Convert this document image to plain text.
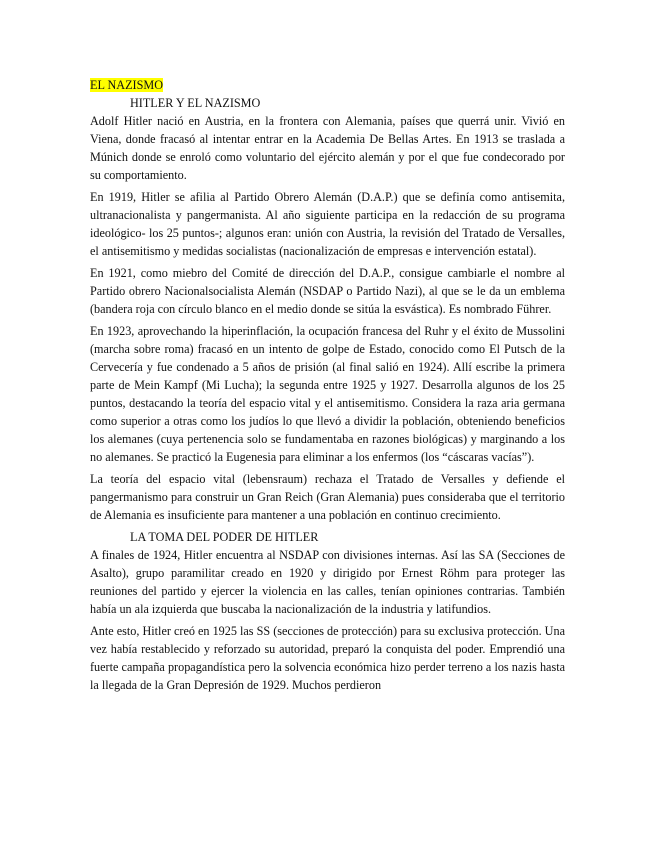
EL NAZISMO
HITLER Y EL NAZISMO

Adolf Hitler nació en Austria, en la frontera con Alemania, países que querrá unir. Vivió en Viena, donde fracasó al intentar entrar en la Academia De Bellas Artes. En 1913 se traslada a Múnich donde se enroló como voluntario del ejército alemán y por el que fue condecorado por su comportamiento.

En 1919, Hitler se afilia al Partido Obrero Alemán (D.A.P.) que se definía como antisemita, ultranacionalista y pangermanista. Al año siguiente participa en la redacción de su programa ideológico- los 25 puntos-; algunos eran: unión con Austria, la revisión del Tratado de Versalles, el antisemitismo y medidas socialistas (nacionalización de empresas e intervención estatal).

En 1921, como miebro del Comité de dirección del D.A.P., consigue cambiarle el nombre al Partido obrero Nacionalsocialista Alemán (NSDAP o Partido Nazi), al que se le da un emblema (bandera roja con círculo blanco en el medio donde se sitúa la esvástica). Es nombrado Führer.

En 1923, aprovechando la hiperinflación, la ocupación francesa del Ruhr y el éxito de Mussolini (marcha sobre roma) fracasó en un intento de golpe de Estado, conocido como El Putsch de la Cervecería y fue condenado a 5 años de prisión (al final salió en 1924). Allí escribe la primera parte de Mein Kampf (Mi Lucha); la segunda entre 1925 y 1927. Desarrolla algunos de los 25 puntos, destacando la teoría del espacio vital y el antisemitismo. Considera la raza aria germana como superior a otras como los judíos lo que llevó a dividir la población, obteniendo beneficios los alemanes (cuya pertenencia solo se fundamentaba en razones biológicas) y marginando a los no alemanes. Se practicó la Eugenesia para eliminar a los enfermos (los “cáscaras vacías”).

La teoría del espacio vital (lebensraum) rechaza el Tratado de Versalles y defiende el pangermanismo para construir un Gran Reich (Gran Alemania) pues consideraba que el territorio de Alemania es insuficiente para mantener a una población en continuo crecimiento.

LA TOMA DEL PODER DE HITLER

A finales de 1924, Hitler encuentra al NSDAP con divisiones internas. Así las SA (Secciones de Asalto), grupo paramilitar creado en 1920 y dirigido por Ernest Röhm para proteger las reuniones del partido y ejercer la violencia en las calles, tenían opiniones contrarias. También había un ala izquierda que buscaba la nacionalización de la industria y latifundios.

Ante esto, Hitler creó en 1925 las SS (secciones de protección) para su exclusiva protección. Una vez había restablecido y reforzado su autoridad, preparó la conquista del poder. Emprendió una fuerte campaña propagandística pero la solvencia económica hizo perder terreno a los nazis hasta la llegada de la Gran Depresión de 1929. Muchos perdieron
